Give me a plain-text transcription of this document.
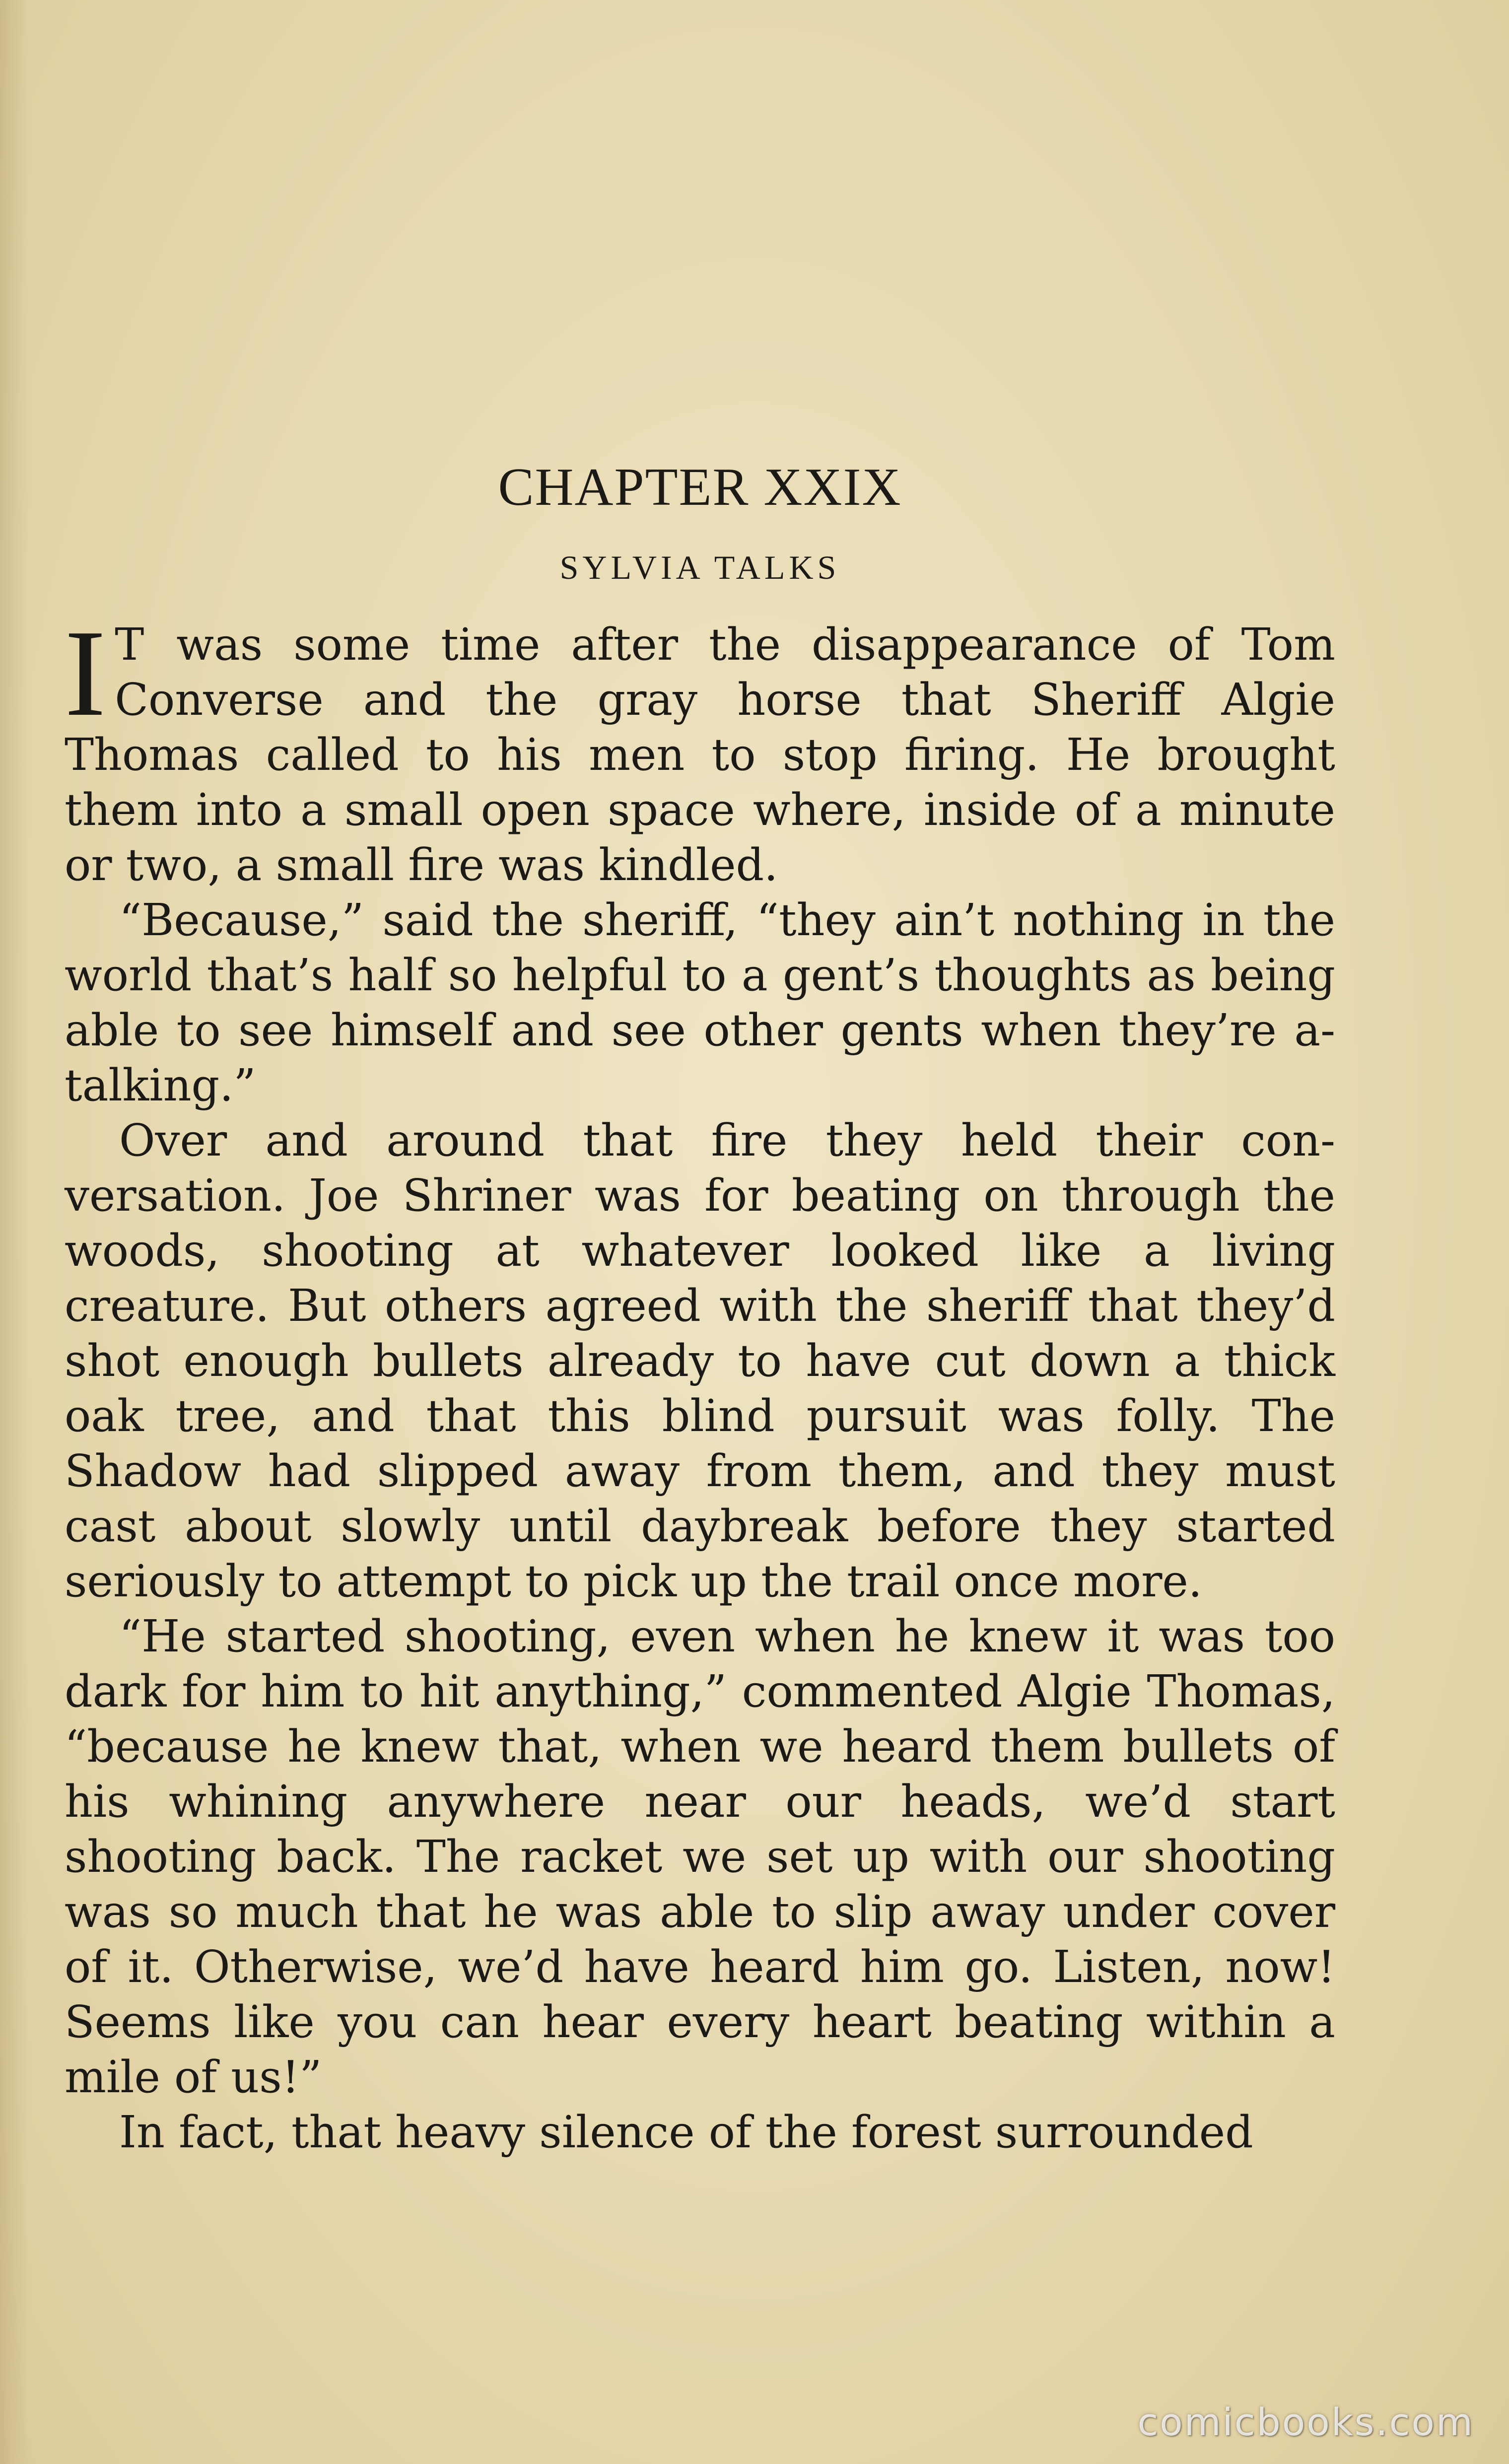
CHAPTER XXIX
SYLVIA TALKS

I T was some time after the disappearance of Tom Converse and the gray horse that Sheriff Algie Thomas called to his men to stop firing. He brought them into a small open space where, inside of a minute or two, a small fire was kindled.

“Because,” said the sheriff, “they ain’t nothing in the world that’s half so helpful to a gent’s thoughts as being able to see himself and see other gents when they’re a-talking.”

Over and around that fire they held their conversation. Joe Shriner was for beating on through the woods, shooting at whatever looked like a living creature. But others agreed with the sheriff that they’d shot enough bullets already to have cut down a thick oak tree, and that this blind pursuit was folly. The Shadow had slipped away from them, and they must cast about slowly until daybreak before they started seriously to attempt to pick up the trail once more.

“He started shooting, even when he knew it was too dark for him to hit anything,” commented Algie Thomas, “because he knew that, when we heard them bullets of his whining anywhere near our heads, we’d start shooting back. The racket we set up with our shooting was so much that he was able to slip away under cover of it. Otherwise, we’d have heard him go. Listen, now! Seems like you can hear every heart beating within a mile of us!”

In fact, that heavy silence of the forest surrounded

comicbooks.com
